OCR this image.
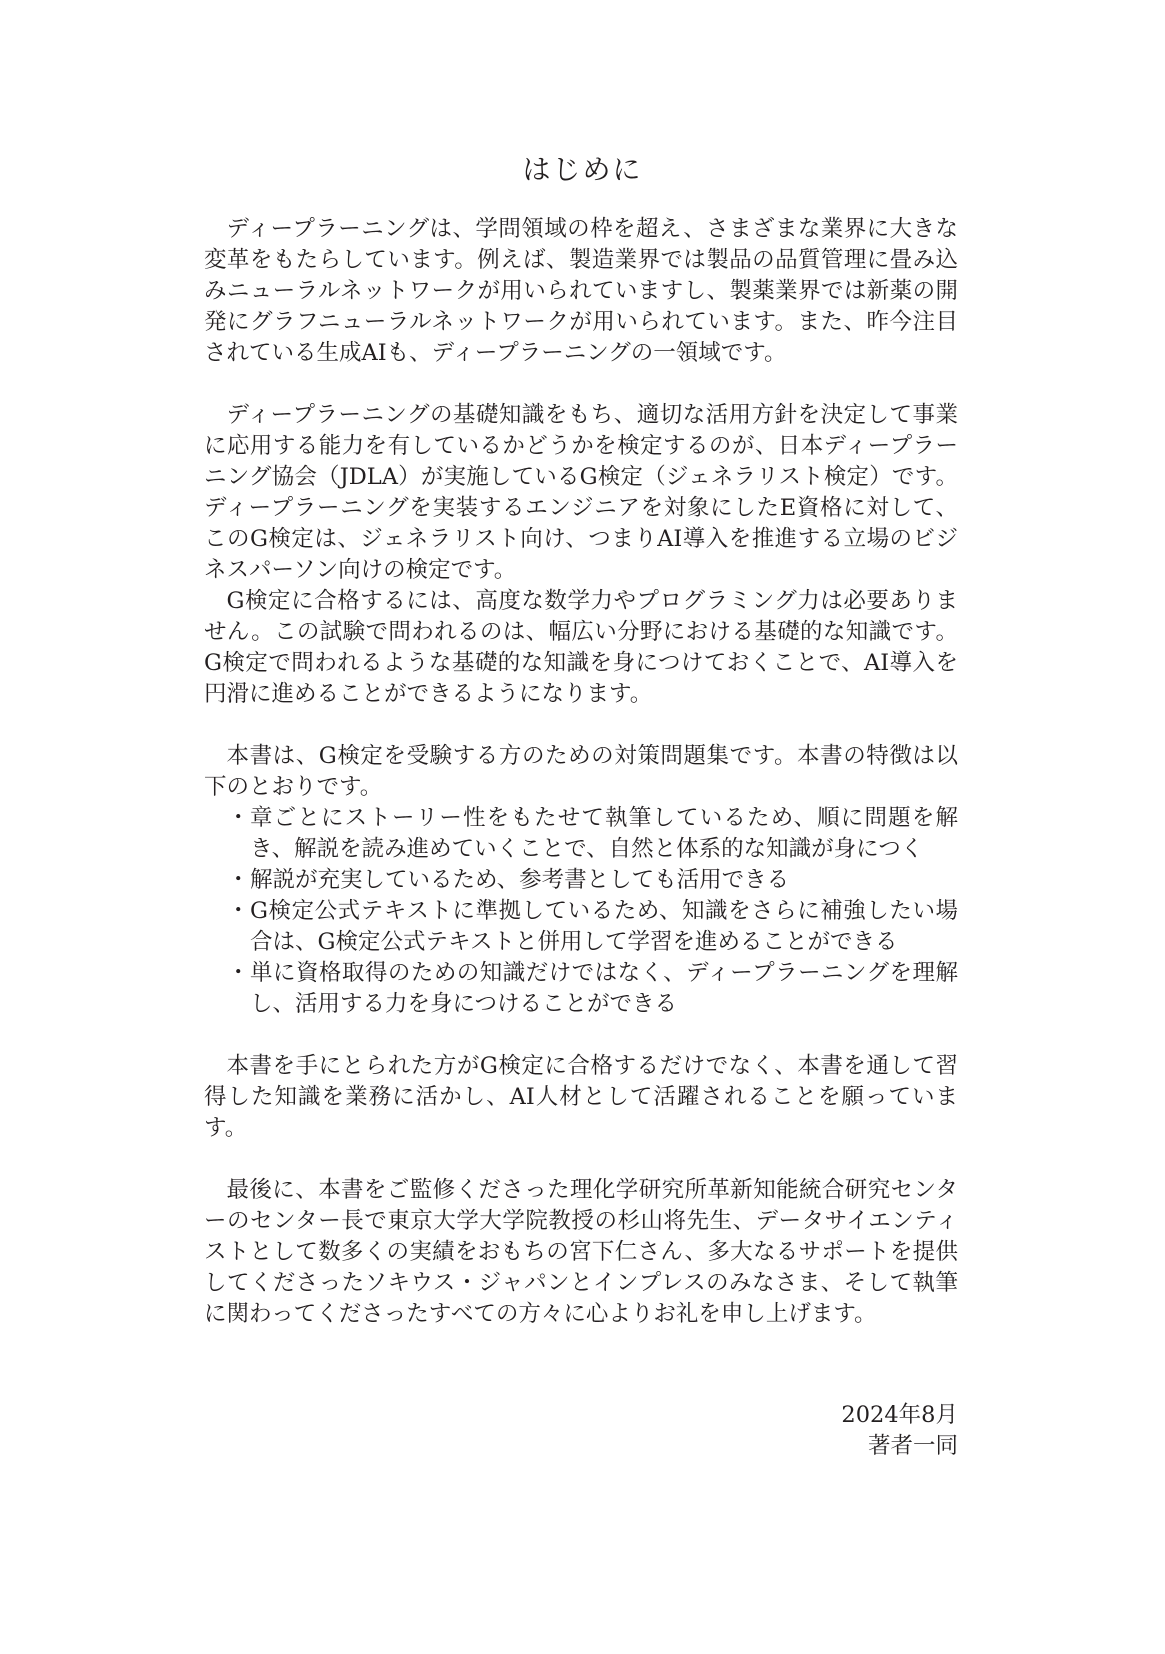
はじめに

ディープラーニングは、学問領域の枠を超え、さまざまな業界に大きな変革をもたらしています。例えば、製造業界では製品の品質管理に畳み込みニューラルネットワークが用いられていますし、製薬業界では新薬の開発にグラフニューラルネットワークが用いられています。また、昨今注目されている生成AIも、ディープラーニングの一領域です。

ディープラーニングの基礎知識をもち、適切な活用方針を決定して事業に応用する能力を有しているかどうかを検定するのが、日本ディープラーニング協会（JDLA）が実施しているG検定（ジェネラリスト検定）です。ディープラーニングを実装するエンジニアを対象にしたE資格に対して、このG検定は、ジェネラリスト向け、つまりAI導入を推進する立場のビジネスパーソン向けの検定です。

G検定に合格するには、高度な数学力やプログラミング力は必要ありません。この試験で問われるのは、幅広い分野における基礎的な知識です。G検定で問われるような基礎的な知識を身につけておくことで、AI導入を円滑に進めることができるようになります。

本書は、G検定を受験する方のための対策問題集です。本書の特徴は以下のとおりです。

・ 章ごとにストーリー性をもたせて執筆しているため、順に問題を解き、解説を読み進めていくことで、自然と体系的な知識が身につく
・ 解説が充実しているため、参考書としても活用できる
・ G検定公式テキストに準拠しているため、知識をさらに補強したい場合は、G検定公式テキストと併用して学習を進めることができる
・ 単に資格取得のための知識だけではなく、ディープラーニングを理解し、活用する力を身につけることができる

本書を手にとられた方がG検定に合格するだけでなく、本書を通して習得した知識を業務に活かし、AI人材として活躍されることを願っています。

最後に、本書をご監修くださった理化学研究所革新知能統合研究センターのセンター長で東京大学大学院教授の杉山将先生、データサイエンティストとして数多くの実績をおもちの宮下仁さん、多大なるサポートを提供してくださったソキウス・ジャパンとインプレスのみなさま、そして執筆に関わってくださったすべての方々に心よりお礼を申し上げます。

2024年8月
著者一同
